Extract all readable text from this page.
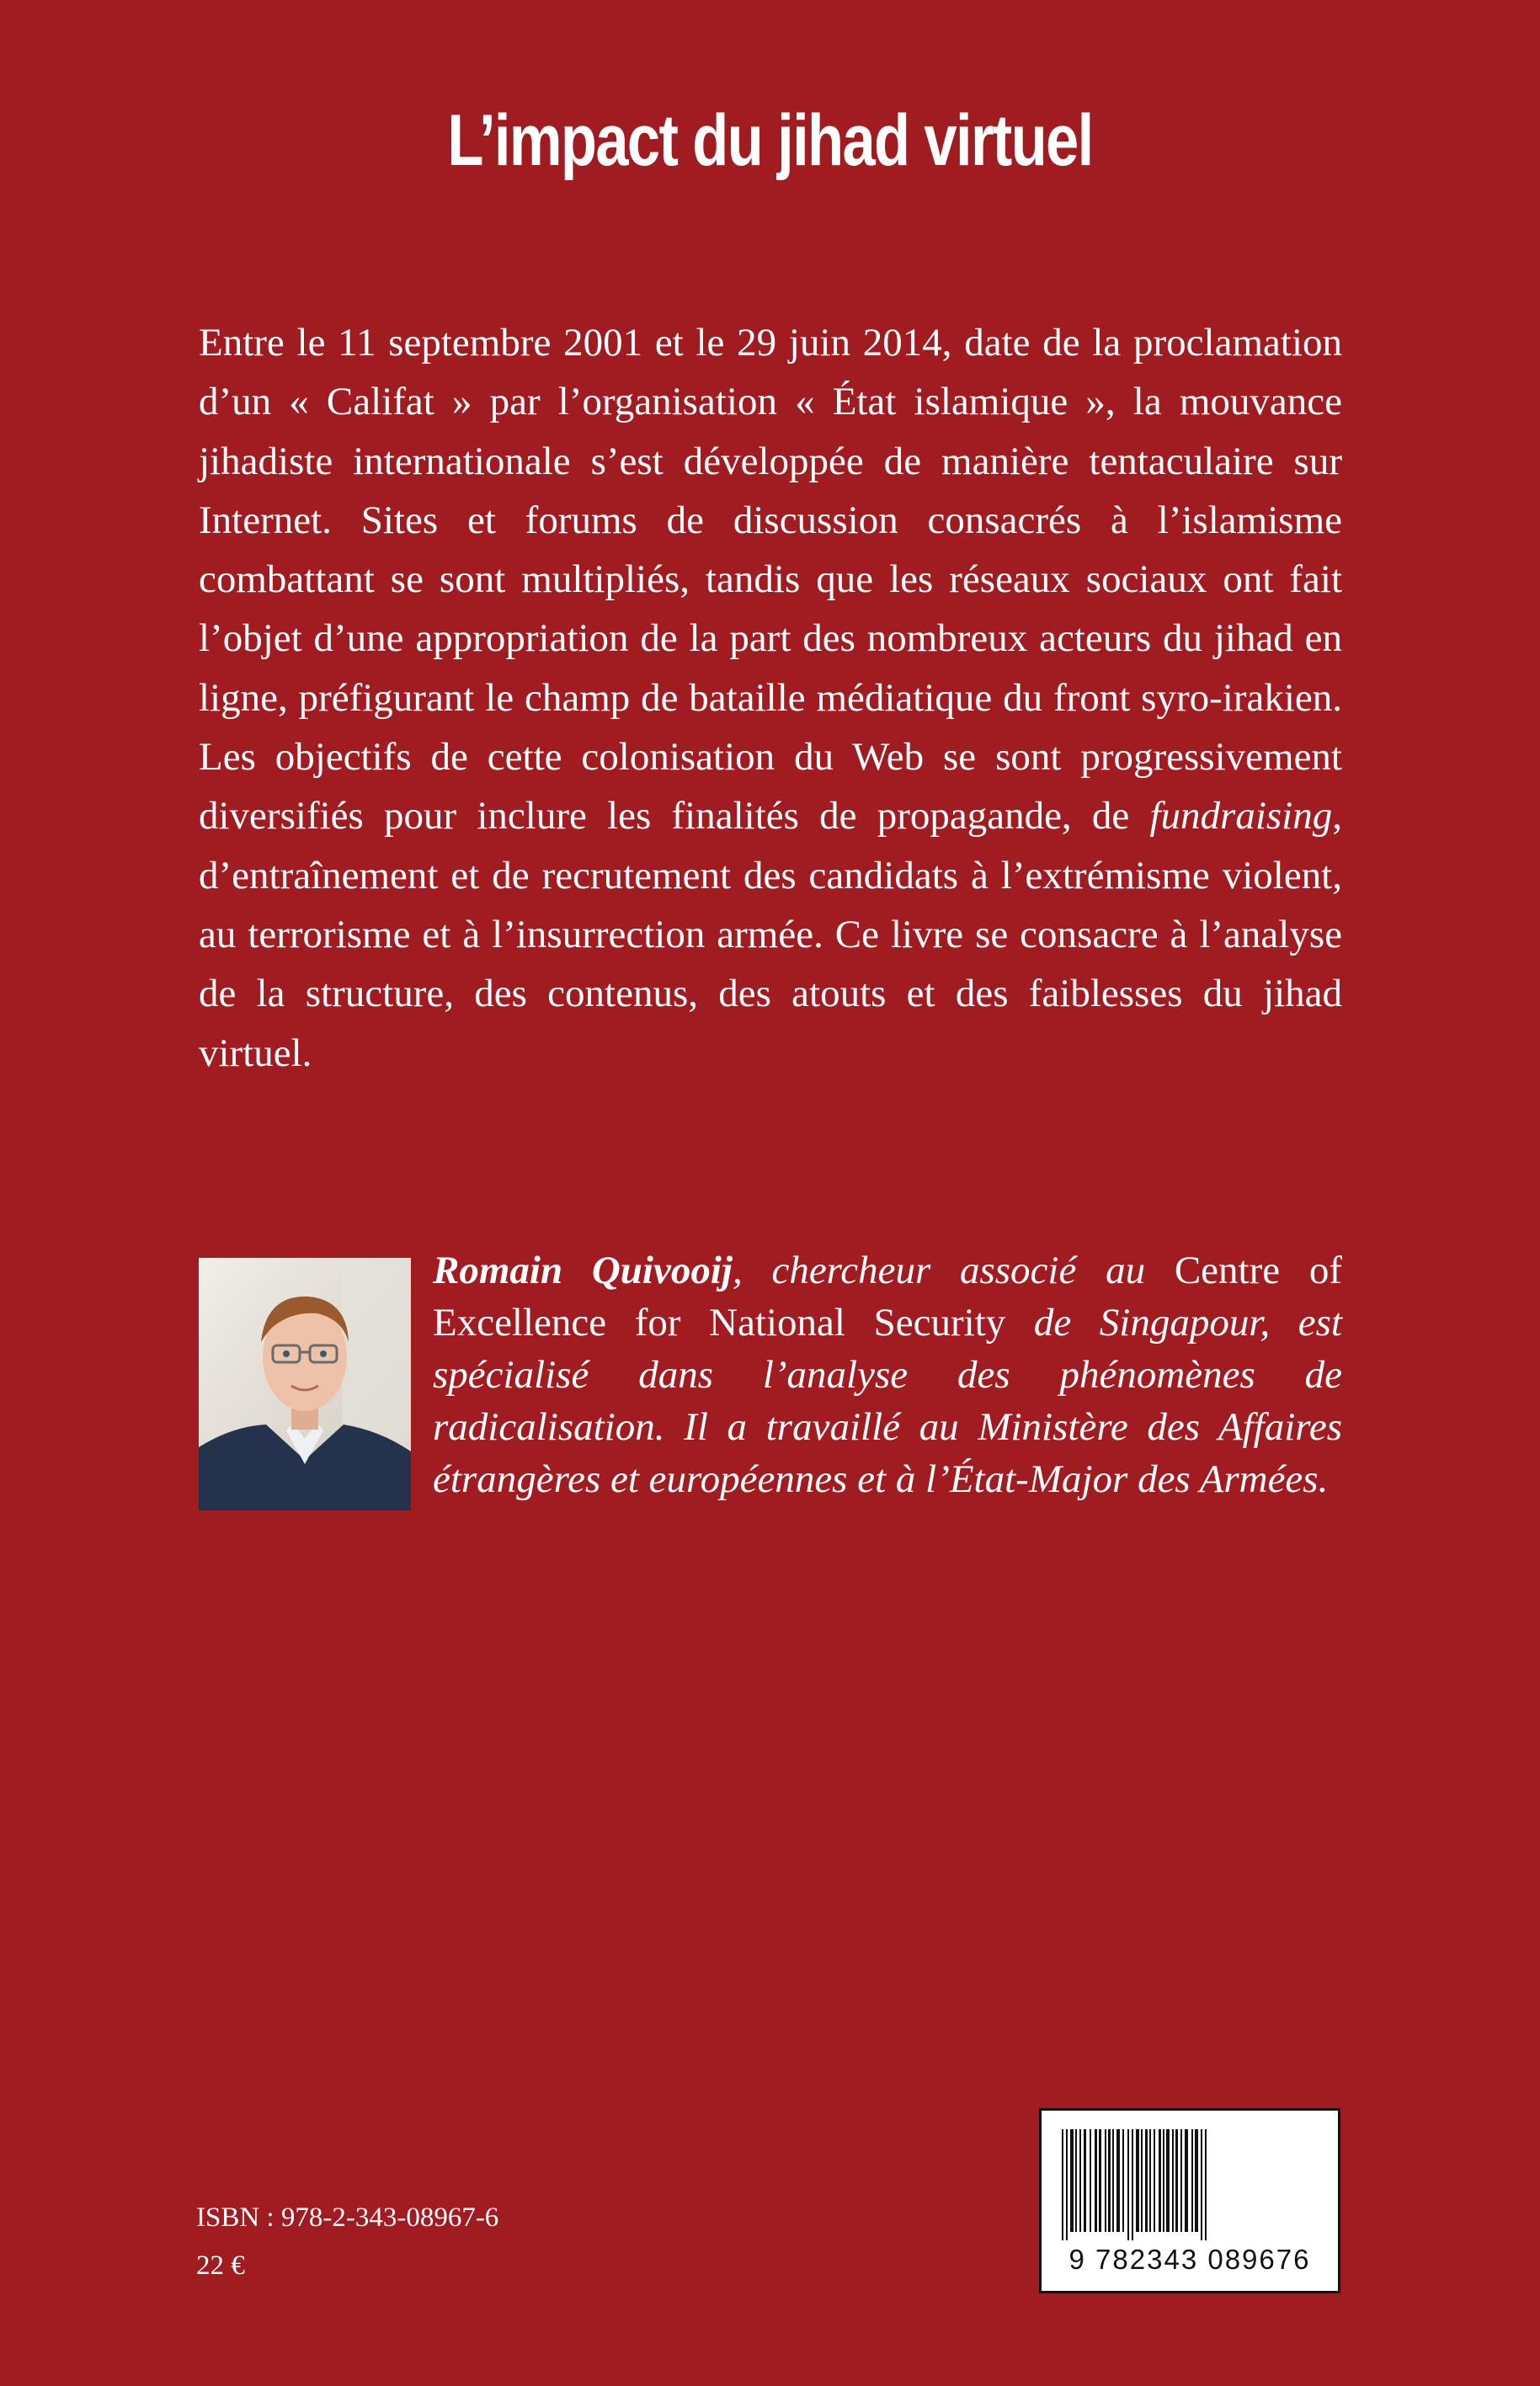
L’impact du jihad virtuel

Entre le 11 septembre 2001 et le 29 juin 2014, date de la proclamation d’un « Califat » par l’organisation « État islamique », la mouvance jihadiste internationale s’est développée de manière tentaculaire sur Internet. Sites et forums de discussion consacrés à l’islamisme combattant se sont multipliés, tandis que les réseaux sociaux ont fait l’objet d’une appropriation de la part des nombreux acteurs du jihad en ligne, préfigurant le champ de bataille médiatique du front syro-irakien. Les objectifs de cette colonisation du Web se sont progressivement diversifiés pour inclure les finalités de propagande, de fundraising, d’entraînement et de recrutement des candidats à l’extrémisme violent, au terrorisme et à l’insurrection armée. Ce livre se consacre à l’analyse de la structure, des contenus, des atouts et des faiblesses du jihad virtuel.

Romain Quivooij, chercheur associé au Centre of Excellence for National Security de Singapour, est spécialisé dans l’analyse des phénomènes de radicalisation. Il a travaillé au Ministère des Affaires étrangères et européennes et à l’État-Major des Armées.

ISBN : 978-2-343-08967-6
22 €	9 782343 089676
